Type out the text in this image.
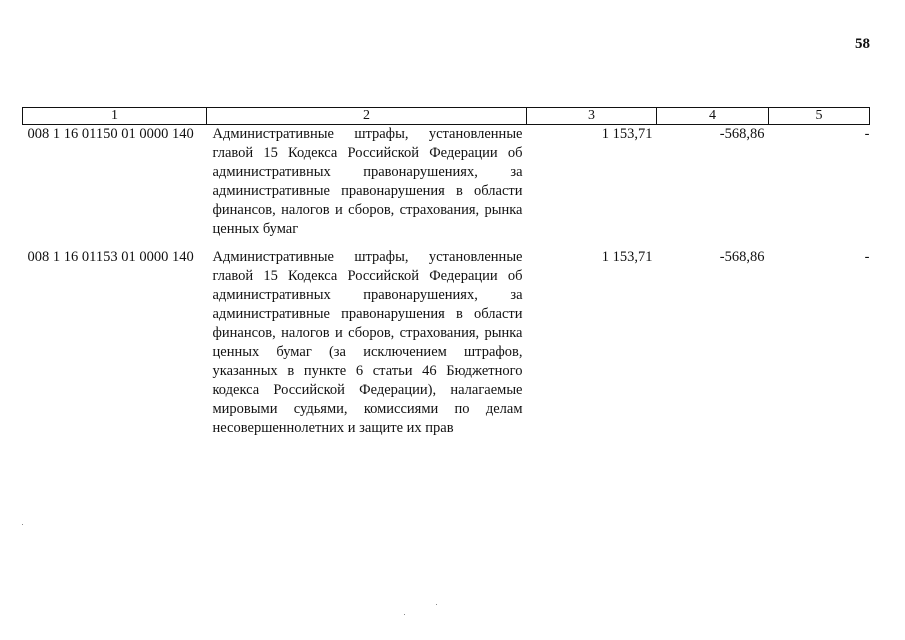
58
1	2	3	4	5
008 1 16 01150 01 0000 140	Административные штрафы, установленные главой 15 Кодекса Российской Федерации об административных правонарушениях, за административные правонарушения в области финансов, налогов и сборов, страхования, рынка ценных бумаг	1 153,71	-568,86	-

008 1 16 01153 01 0000 140	Административные штрафы, установленные главой 15 Кодекса Российской Федерации об административных правонарушениях, за административные правонарушения в области финансов, налогов и сборов, страхования, рынка ценных бумаг (за исключением штрафов, указанных в пункте 6 статьи 46 Бюджетного кодекса Российской Федерации), налагаемые мировыми судьями, комиссиями по делам несовершеннолетних и защите их прав	1 153,71	-568,86	-
